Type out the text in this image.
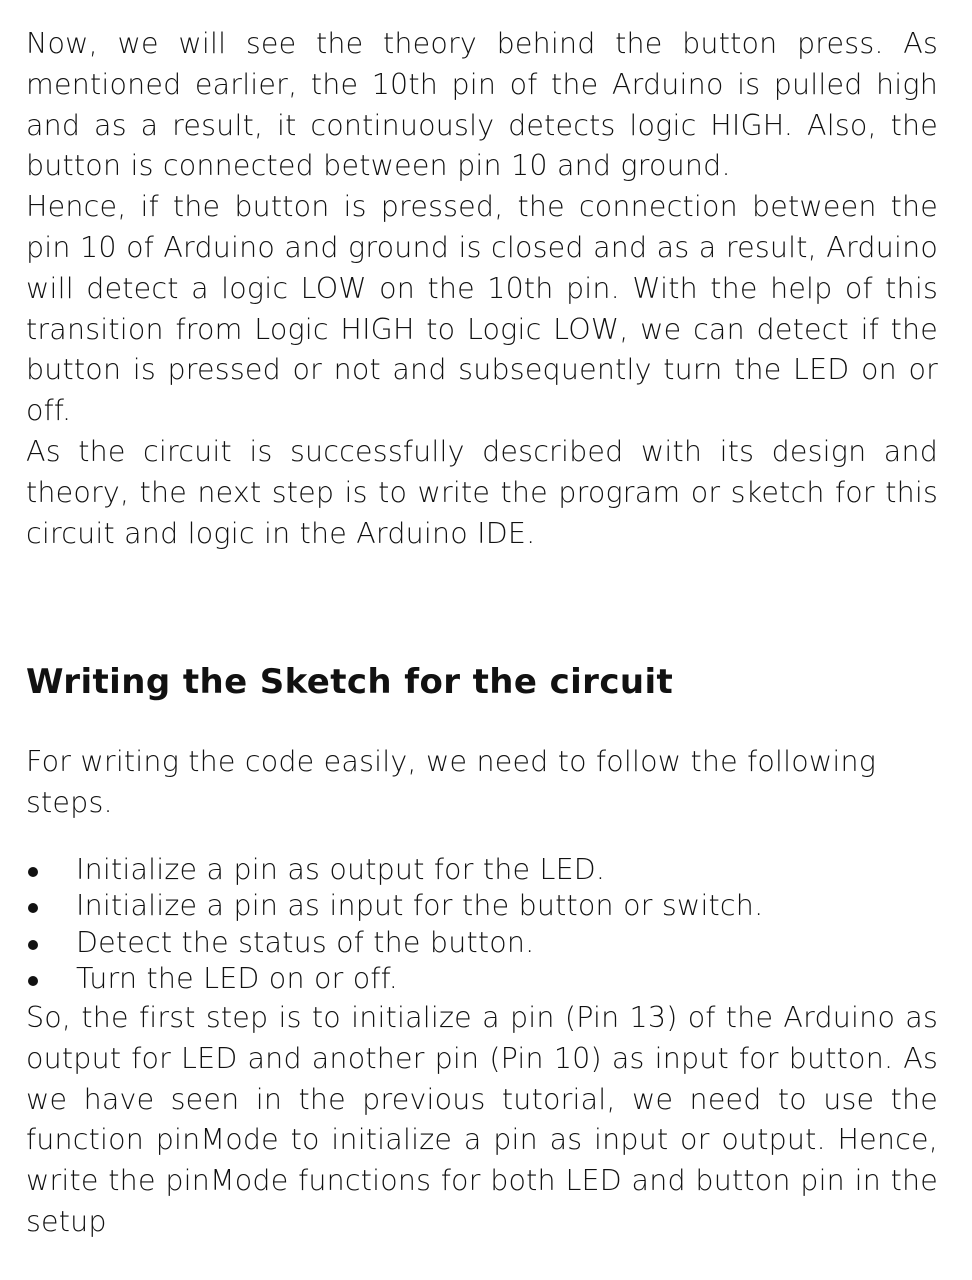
Now, we will see the theory behind the button press. As mentioned earlier, the 10th pin of the Arduino is pulled high and as a result, it continuously detects logic HIGH. Also, the button is connected between pin 10 and ground.

Hence, if the button is pressed, the connection between the pin 10 of Arduino and ground is closed and as a result, Arduino will detect a logic LOW on the 10th pin. With the help of this transition from Logic HIGH to Logic LOW, we can detect if the button is pressed or not and subsequently turn the LED on or off.

As the circuit is successfully described with its design and theory, the next step is to write the program or sketch for this circuit and logic in the Arduino IDE.

Writing the Sketch for the circuit

For writing the code easily, we need to follow the following steps.

Initialize a pin as output for the LED.
Initialize a pin as input for the button or switch.
Detect the status of the button.
Turn the LED on or off.

So, the first step is to initialize a pin (Pin 13) of the Arduino as output for LED and another pin (Pin 10) as input for button. As we have seen in the previous tutorial, we need to use the function pinMode to initialize a pin as input or output. Hence, write the pinMode functions for both LED and button pin in the setup
